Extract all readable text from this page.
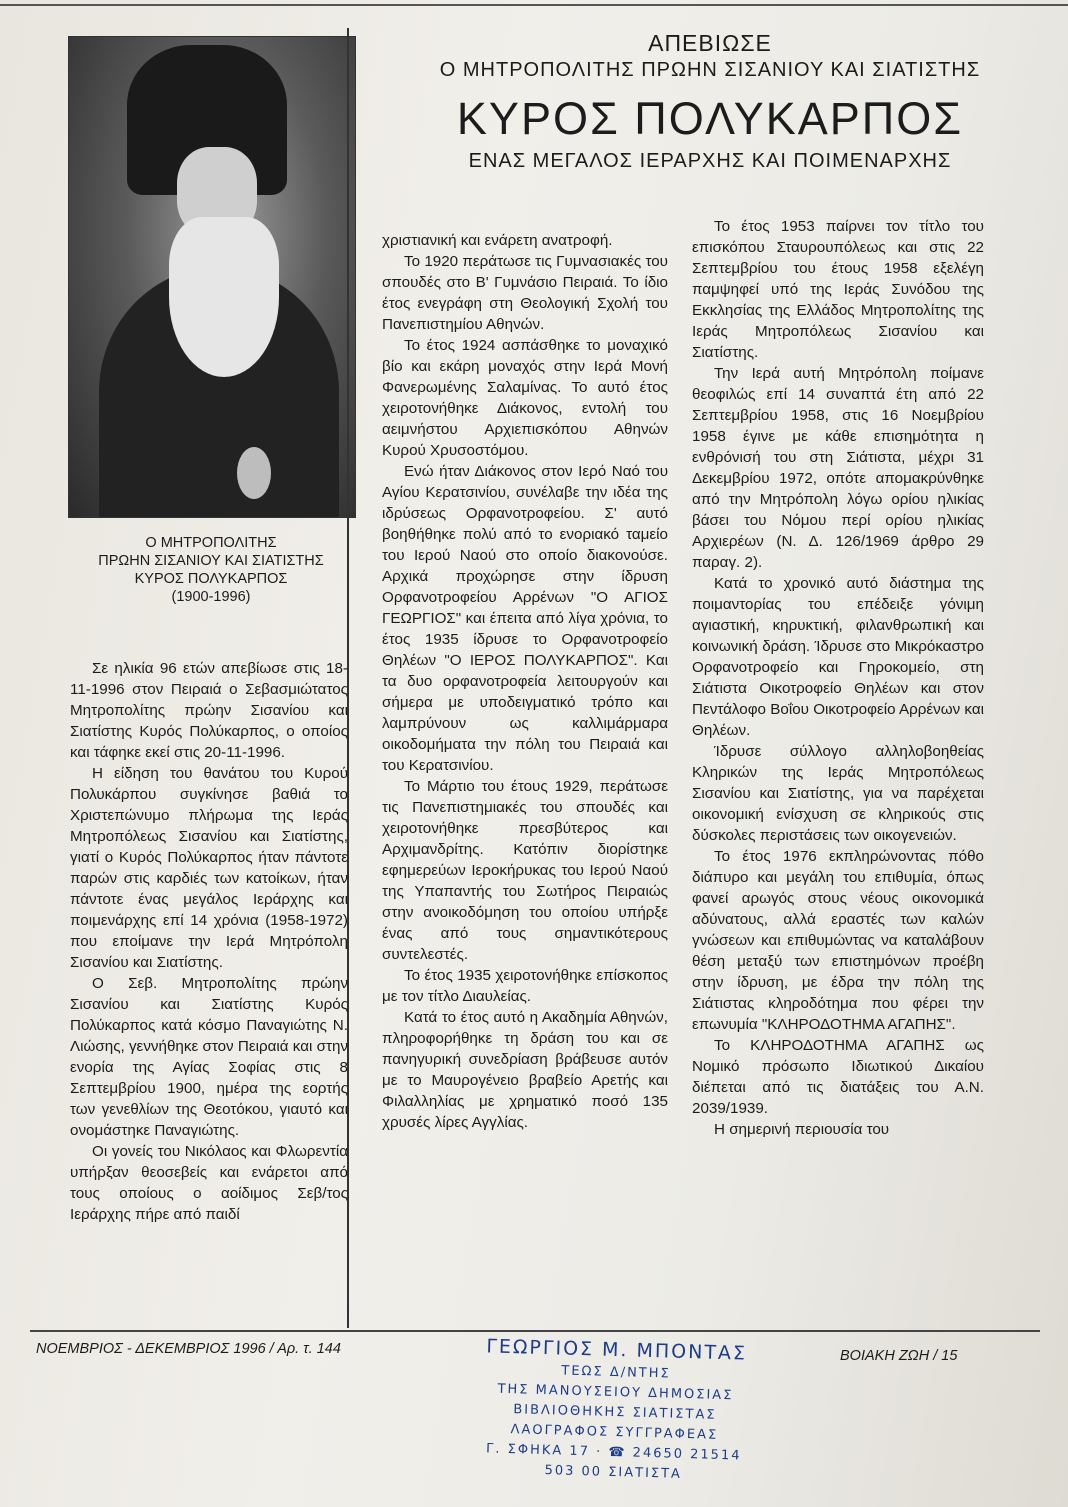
Ο ΜΗΤΡΟΠΟΛΙΤΗΣ
ΠΡΩΗΝ ΣΙΣΑΝΙΟΥ ΚΑΙ ΣΙΑΤΙΣΤΗΣ
ΚΥΡΟΣ ΠΟΛΥΚΑΡΠΟΣ
(1900-1996)
ΑΠΕΒΙΩΣΕ
Ο ΜΗΤΡΟΠΟΛΙΤΗΣ ΠΡΩΗΝ ΣΙΣΑΝΙΟΥ ΚΑΙ ΣΙΑΤΙΣΤΗΣ
ΚΥΡΟΣ ΠΟΛΥΚΑΡΠΟΣ
ΕΝΑΣ ΜΕΓΑΛΟΣ ΙΕΡΑΡΧΗΣ ΚΑΙ ΠΟΙΜΕΝΑΡΧΗΣ

Σε ηλικία 96 ετών απεβίωσε στις 18-11-1996 στον Πειραιά ο Σεβασμιώτατος Μητροπολίτης πρώην Σισανίου και Σιατίστης Κυρός Πολύκαρπος, ο οποίος και τάφηκε εκεί στις 20-11-1996.

Η είδηση του θανάτου του Κυρού Πολυκάρπου συγκίνησε βαθιά το Χριστεπώνυμο πλήρωμα της Ιεράς Μητροπόλεως Σισανίου και Σιατίστης, γιατί ο Κυρός Πολύκαρπος ήταν πάντοτε παρών στις καρδιές των κατοίκων, ήταν πάντοτε ένας μεγάλος Ιεράρχης και ποιμενάρχης επί 14 χρόνια (1958-1972) που εποίμανε την Ιερά Μητρόπολη Σισανίου και Σιατίστης.

Ο Σεβ. Μητροπολίτης πρώην Σισανίου και Σιατίστης Κυρός Πολύκαρπος κατά κόσμο Παναγιώτης Ν. Λιώσης, γεννήθηκε στον Πειραιά και στην ενορία της Αγίας Σοφίας στις 8 Σεπτεμβρίου 1900, ημέρα της εορτής των γενεθλίων της Θεοτόκου, γιαυτό και ονομάστηκε Παναγιώτης.

Οι γονείς του Νικόλαος και Φλωρεντία υπήρξαν θεοσεβείς και ενάρετοι από τους οποίους ο αοίδιμος Σεβ/τος Ιεράρχης πήρε από παιδί

χριστιανική και ενάρετη ανατροφή.

Το 1920 περάτωσε τις Γυμνασιακές του σπουδές στο Β' Γυμνάσιο Πειραιά. Το ίδιο έτος ενεγράφη στη Θεολογική Σχολή του Πανεπιστημίου Αθηνών.

Το έτος 1924 ασπάσθηκε το μοναχικό βίο και εκάρη μοναχός στην Ιερά Μονή Φανερωμένης Σαλαμίνας. Το αυτό έτος χειροτονήθηκε Διάκονος, εντολή του αειμνήστου Αρχιεπισκόπου Αθηνών Κυρού Χρυσοστόμου.

Ενώ ήταν Διάκονος στον Ιερό Ναό του Αγίου Κερατσινίου, συνέλαβε την ιδέα της ιδρύσεως Ορφανοτροφείου. Σ' αυτό βοηθήθηκε πολύ από το ενοριακό ταμείο του Ιερού Ναού στο οποίο διακονούσε. Αρχικά προχώρησε στην ίδρυση Ορφανοτροφείου Αρρένων "Ο ΑΓΙΟΣ ΓΕΩΡΓΙΟΣ" και έπειτα από λίγα χρόνια, το έτος 1935 ίδρυσε το Ορφανοτροφείο Θηλέων "Ο ΙΕΡΟΣ ΠΟΛΥΚΑΡΠΟΣ". Και τα δυο ορφανοτροφεία λειτουργούν και σήμερα με υποδειγματικό τρόπο και λαμπρύνουν ως καλλιμάρμαρα οικοδομήματα την πόλη του Πειραιά και του Κερατσινίου.

Το Μάρτιο του έτους 1929, περάτωσε τις Πανεπιστημιακές του σπουδές και χειροτονήθηκε πρεσβύτερος και Αρχιμανδρίτης. Κατόπιν διορίστηκε εφημερεύων Ιεροκήρυκας του Ιερού Ναού της Υπαπαντής του Σωτήρος Πειραιώς στην ανοικοδόμηση του οποίου υπήρξε ένας από τους σημαντικότερους συντελεστές.

Το έτος 1935 χειροτονήθηκε επίσκοπος με τον τίτλο Διαυλείας.

Κατά το έτος αυτό η Ακαδημία Αθηνών, πληροφορήθηκε τη δράση του και σε πανηγυρική συνεδρίαση βράβευσε αυτόν με το Μαυρογένειο βραβείο Αρετής και Φιλαλληλίας με χρηματικό ποσό 135 χρυσές λίρες Αγγλίας.

Το έτος 1953 παίρνει τον τίτλο του επισκόπου Σταυρουπόλεως και στις 22 Σεπτεμβρίου του έτους 1958 εξελέγη παμψηφεί υπό της Ιεράς Συνόδου της Εκκλησίας της Ελλάδος Μητροπολίτης της Ιεράς Μητροπόλεως Σισανίου και Σιατίστης.

Την Ιερά αυτή Μητρόπολη ποίμανε θεοφιλώς επί 14 συναπτά έτη από 22 Σεπτεμβρίου 1958, στις 16 Νοεμβρίου 1958 έγινε με κάθε επισημότητα η ενθρόνισή του στη Σιάτιστα, μέχρι 31 Δεκεμβρίου 1972, οπότε απομακρύνθηκε από την Μητρόπολη λόγω ορίου ηλικίας βάσει του Νόμου περί ορίου ηλικίας Αρχιερέων (Ν. Δ. 126/1969 άρθρο 29 παραγ. 2).

Κατά το χρονικό αυτό διάστημα της ποιμαντορίας του επέδειξε γόνιμη αγιαστική, κηρυκτική, φιλανθρωπική και κοινωνική δράση. Ίδρυσε στο Μικρόκαστρο Ορφανοτροφείο και Γηροκομείο, στη Σιάτιστα Οικοτροφείο Θηλέων και στον Πεντάλοφο Βοΐου Οικοτροφείο Αρρένων και Θηλέων.

Ίδρυσε σύλλογο αλληλοβοηθείας Κληρικών της Ιεράς Μητροπόλεως Σισανίου και Σιατίστης, για να παρέχεται οικονομική ενίσχυση σε κληρικούς στις δύσκολες περιστάσεις των οικογενειών.

Το έτος 1976 εκπληρώνοντας πόθο διάπυρο και μεγάλη του επιθυμία, όπως φανεί αρωγός στους νέους οικονομικά αδύνατους, αλλά εραστές των καλών γνώσεων και επιθυμώντας να καταλάβουν θέση μεταξύ των επιστημόνων προέβη στην ίδρυση, με έδρα την πόλη της Σιάτιστας κληροδότημα που φέρει την επωνυμία "ΚΛΗΡΟΔΟΤΗΜΑ ΑΓΑΠΗΣ".

Το ΚΛΗΡΟΔΟΤΗΜΑ ΑΓΑΠΗΣ ως Νομικό πρόσωπο Ιδιωτικού Δικαίου διέπεται από τις διατάξεις του Α.Ν. 2039/1939.

Η σημερινή περιουσία του

ΝΟΕΜΒΡΙΟΣ - ΔΕΚΕΜΒΡΙΟΣ 1996 / Αρ. τ. 144	ΒΟΙΑΚΗ ΖΩΗ / 15
ΓΕΩΡΓΙΟΣ Μ. ΜΠΟΝΤΑΣ
ΤΕΩΣ Δ/ΝΤΗΣ
ΤΗΣ ΜΑΝΟΥΣΕΙΟΥ ΔΗΜΟΣΙΑΣ
ΒΙΒΛΙΟΘΗΚΗΣ ΣΙΑΤΙΣΤΑΣ
ΛΑΟΓΡΑΦΟΣ ΣΥΓΓΡΑΦΕΑΣ
Γ. ΣΦΗΚΑ 17 · ☎ 24650 21514
503 00 ΣΙΑΤΙΣΤΑ
